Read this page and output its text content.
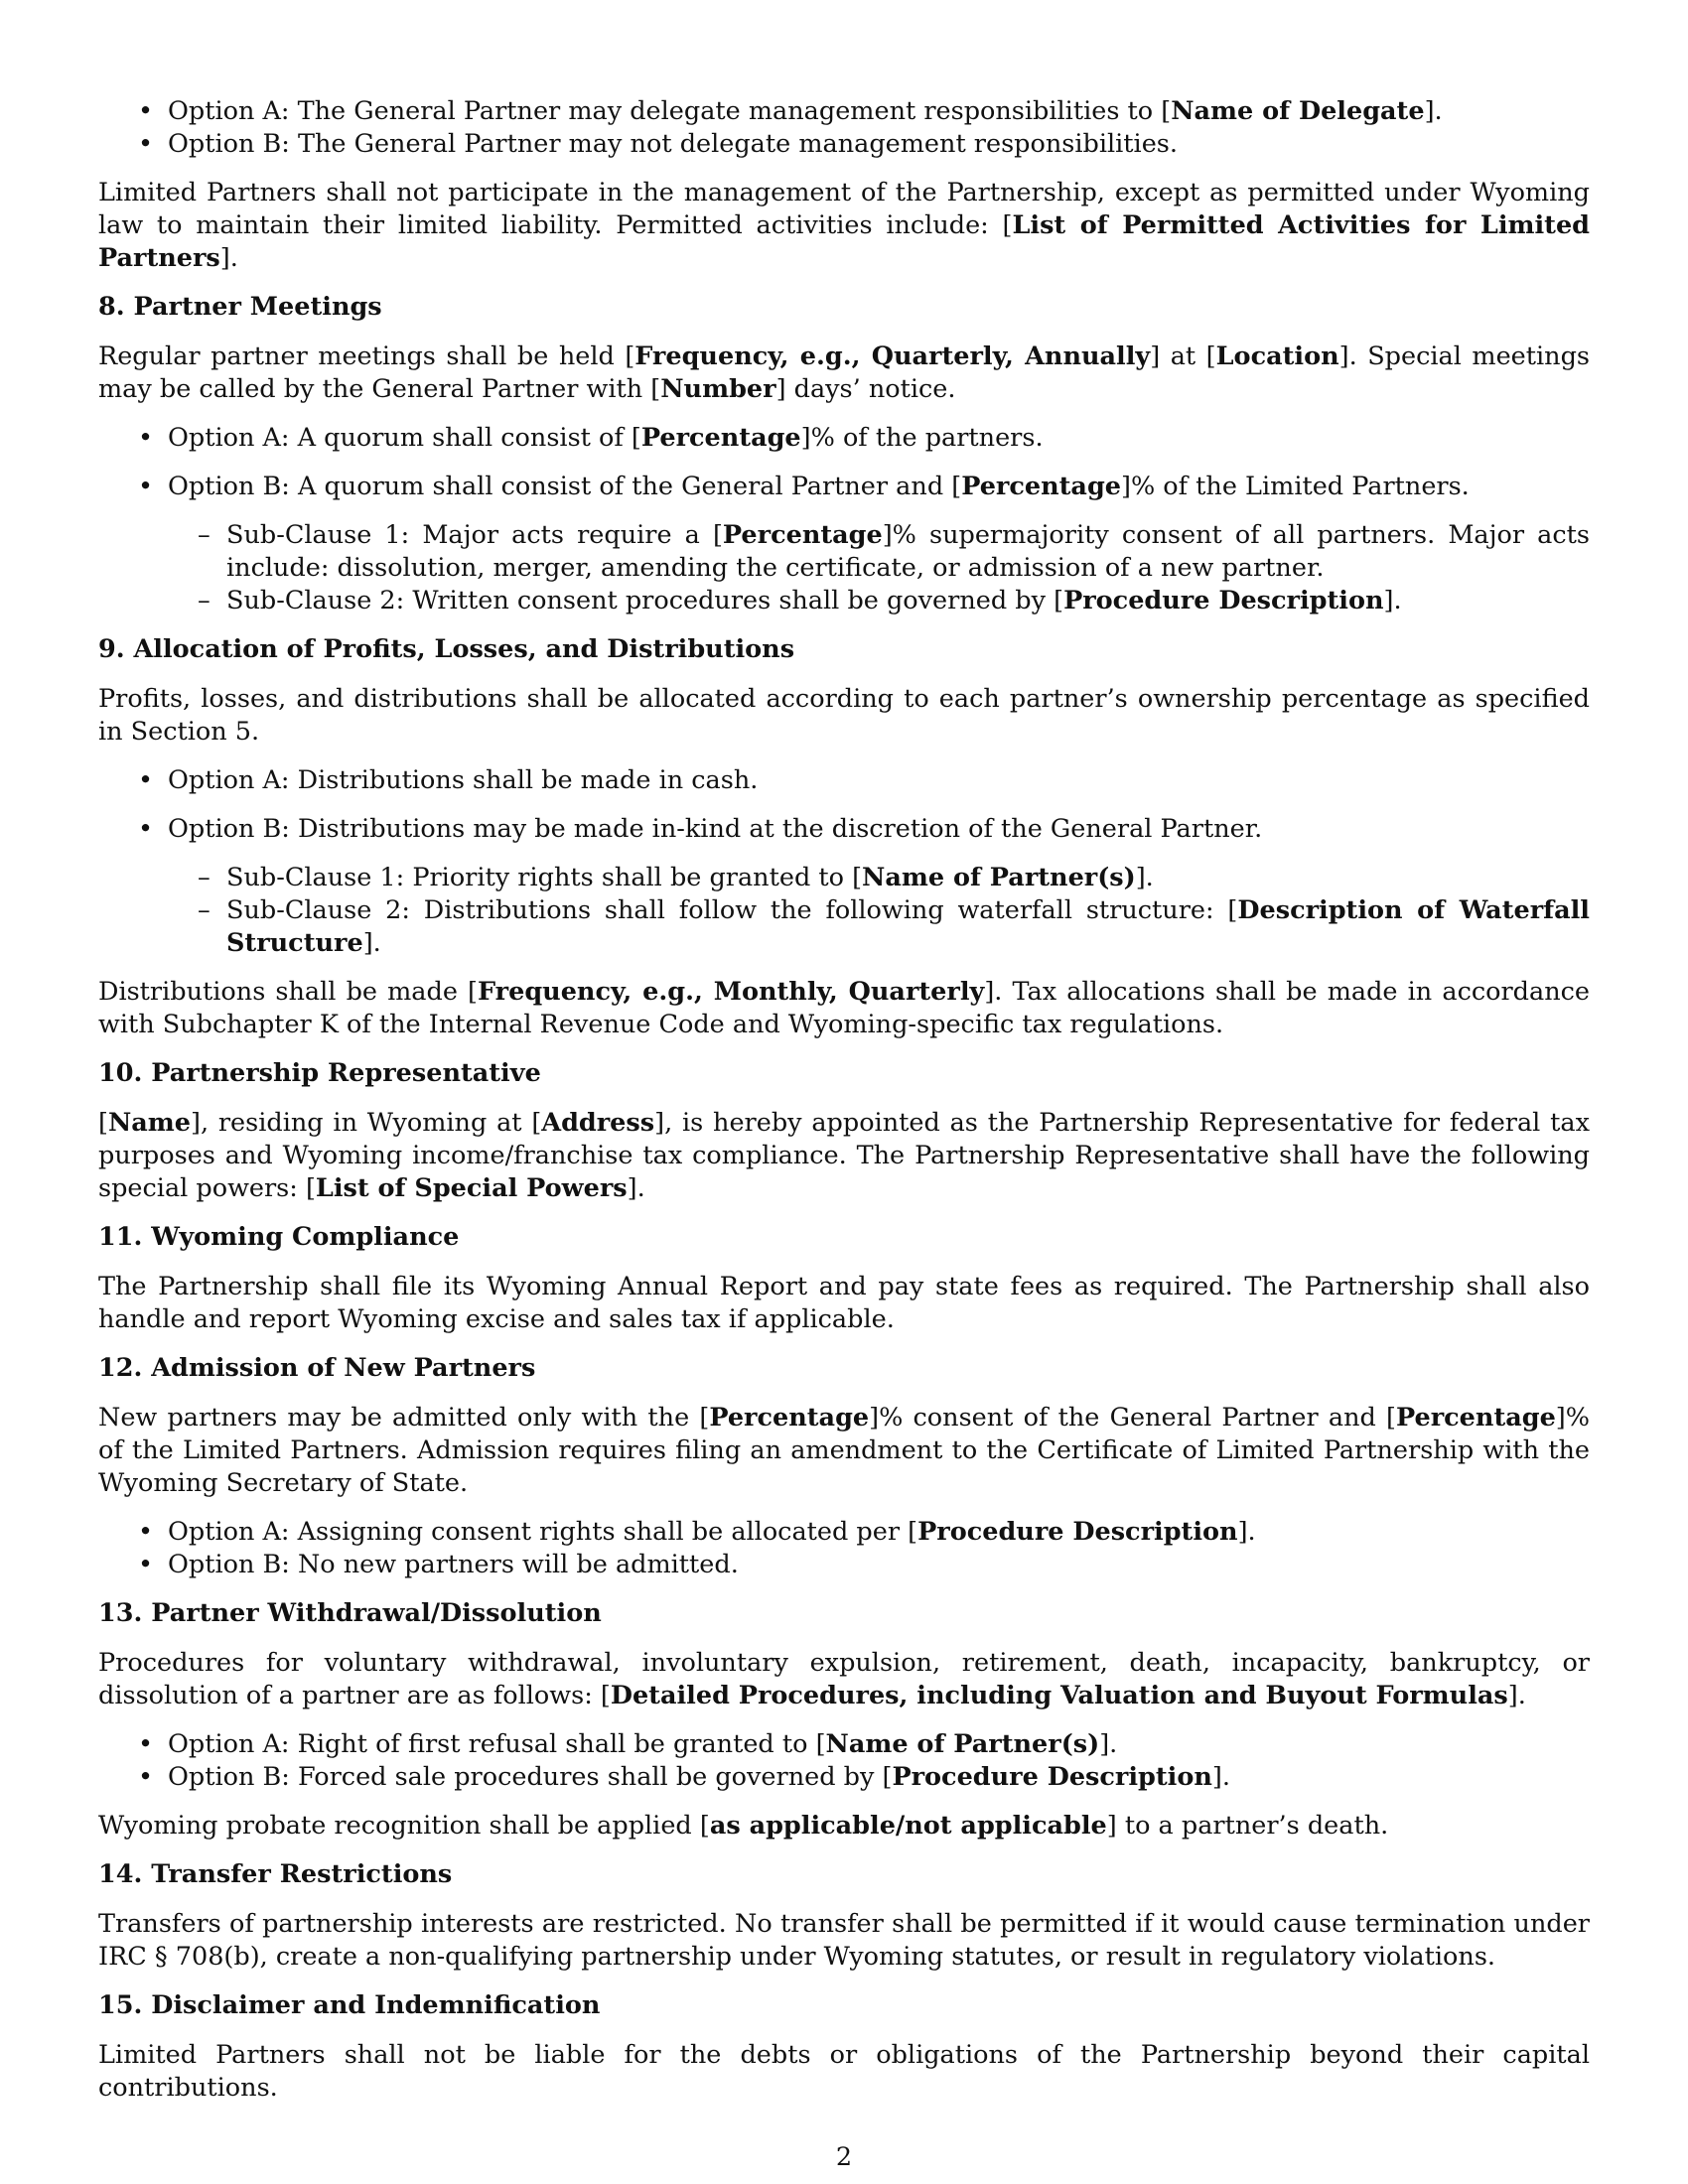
• Option A: The General Partner may delegate management responsibilities to [Name of Delegate].
• Option B: The General Partner may not delegate management responsibilities.

Limited Partners shall not participate in the management of the Partnership, except as permitted under Wyoming law to maintain their limited liability. Permitted activities include: [List of Permitted Activities for Limited Partners].

8. Partner Meetings

Regular partner meetings shall be held [Frequency, e.g., Quarterly, Annually] at [Location]. Special meetings may be called by the General Partner with [Number] days’ notice.

• Option A: A quorum shall consist of [Percentage]% of the partners.
• Option B: A quorum shall consist of the General Partner and [Percentage]% of the Limited Partners.
– Sub-Clause 1: Major acts require a [Percentage]% supermajority consent of all partners. Major acts include: dissolution, merger, amending the certificate, or admission of a new partner.
– Sub-Clause 2: Written consent procedures shall be governed by [Procedure Description].
9. Allocation of Profits, Losses, and Distributions

Profits, losses, and distributions shall be allocated according to each partner’s ownership percentage as specified in Section 5.

• Option A: Distributions shall be made in cash.
• Option B: Distributions may be made in-kind at the discretion of the General Partner.
– Sub-Clause 1: Priority rights shall be granted to [Name of Partner(s)].
– Sub-Clause 2: Distributions shall follow the following waterfall structure: [Description of Waterfall Structure].

Distributions shall be made [Frequency, e.g., Monthly, Quarterly]. Tax allocations shall be made in accordance with Subchapter K of the Internal Revenue Code and Wyoming-specific tax regulations.

10. Partnership Representative

[Name], residing in Wyoming at [Address], is hereby appointed as the Partnership Representative for federal tax purposes and Wyoming income/franchise tax compliance. The Partnership Representative shall have the following special powers: [List of Special Powers].

11. Wyoming Compliance

The Partnership shall file its Wyoming Annual Report and pay state fees as required. The Partnership shall also handle and report Wyoming excise and sales tax if applicable.

12. Admission of New Partners

New partners may be admitted only with the [Percentage]% consent of the General Partner and [Percentage]% of the Limited Partners. Admission requires filing an amendment to the Certificate of Limited Partnership with the Wyoming Secretary of State.

• Option A: Assigning consent rights shall be allocated per [Procedure Description].
• Option B: No new partners will be admitted.
13. Partner Withdrawal/Dissolution

Procedures for voluntary withdrawal, involuntary expulsion, retirement, death, incapacity, bankruptcy, or dissolution of a partner are as follows: [Detailed Procedures, including Valuation and Buyout Formulas].

• Option A: Right of first refusal shall be granted to [Name of Partner(s)].
• Option B: Forced sale procedures shall be governed by [Procedure Description].

Wyoming probate recognition shall be applied [as applicable/not applicable] to a partner’s death.

14. Transfer Restrictions

Transfers of partnership interests are restricted. No transfer shall be permitted if it would cause termination under IRC § 708(b), create a non-qualifying partnership under Wyoming statutes, or result in regulatory violations.

15. Disclaimer and Indemnification

Limited Partners shall not be liable for the debts or obligations of the Partnership beyond their capital contributions.

2
